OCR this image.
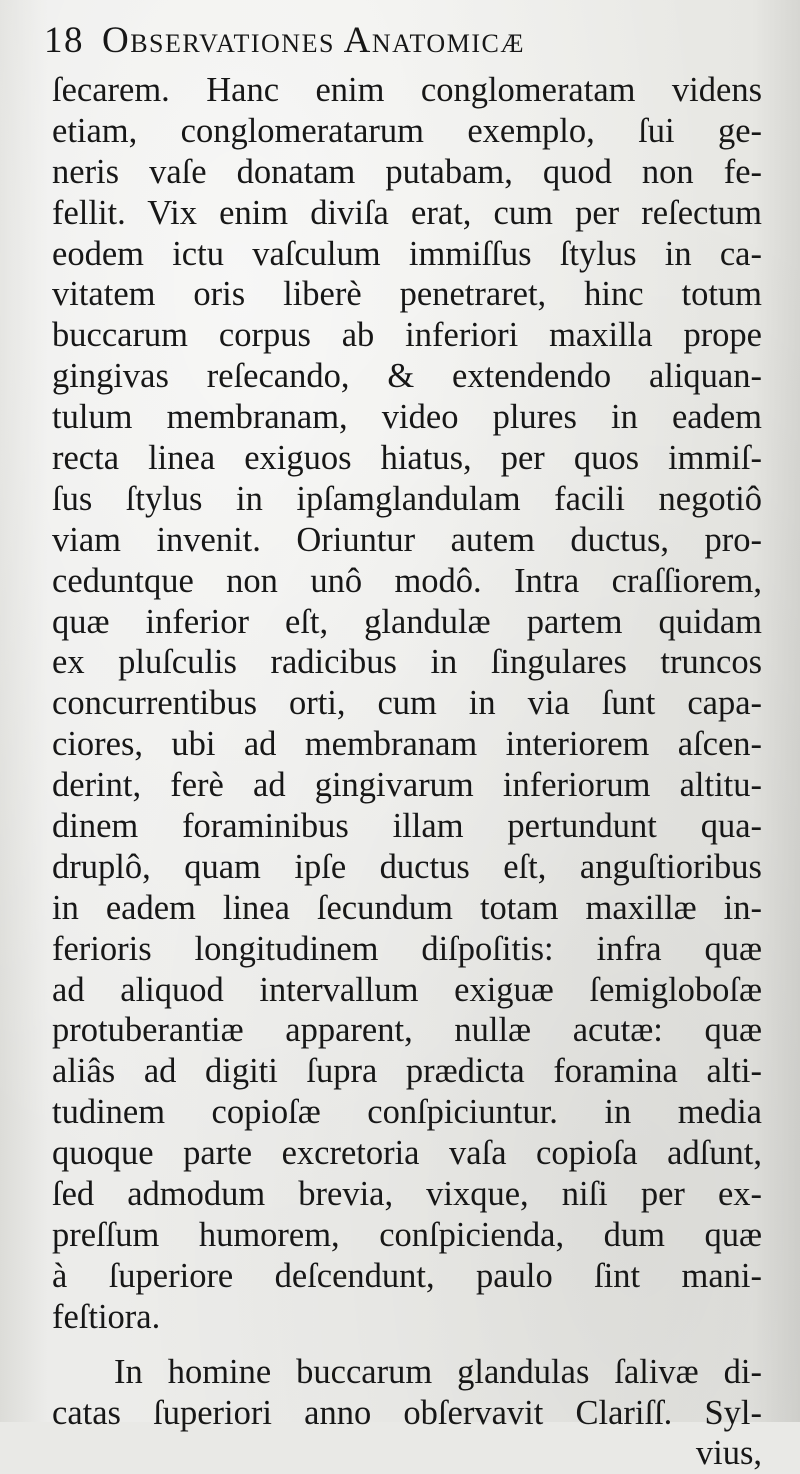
18 Observationes Anatomicæ
ſecarem. Hanc enim conglomeratam videns
etiam, conglomeratarum exemplo, ſui ge-
neris vaſe donatam putabam, quod non fe-
fellit. Vix enim diviſa erat, cum per reſectum
eodem ictu vaſculum immiſſus ſtylus in ca-
vitatem oris liberè penetraret, hinc totum
buccarum corpus ab inferiori maxilla prope
gingivas reſecando, & extendendo aliquan-
tulum membranam, video plures in eadem
recta linea exiguos hiatus, per quos immiſ-
ſus ſtylus in ipſamglandulam facili negotiô
viam invenit. Oriuntur autem ductus, pro-
ceduntque non unô modô. Intra craſſiorem,
quæ inferior eſt, glandulæ partem quidam
ex pluſculis radicibus in ſingulares truncos
concurrentibus orti, cum in via ſunt capa-
ciores, ubi ad membranam interiorem aſcen-
derint, ferè ad gingivarum inferiorum altitu-
dinem foraminibus illam pertundunt qua-
druplô, quam ipſe ductus eſt, anguſtioribus
in eadem linea ſecundum totam maxillæ in-
ferioris longitudinem diſpoſitis: infra quæ
ad aliquod intervallum exiguæ ſemigloboſæ
protuberantiæ apparent, nullæ acutæ: quæ
aliâs ad digiti ſupra prædicta foramina alti-
tudinem copioſæ conſpiciuntur. in media
quoque parte excretoria vaſa copioſa adſunt,
ſed admodum brevia, vixque, niſi per ex-
preſſum humorem, conſpicienda, dum quæ
à ſuperiore deſcendunt, paulo ſint mani-
feſtiora.
In homine buccarum glandulas ſalivæ di-
catas ſuperiori anno obſervavit Clariſſ. Syl-
vius,
